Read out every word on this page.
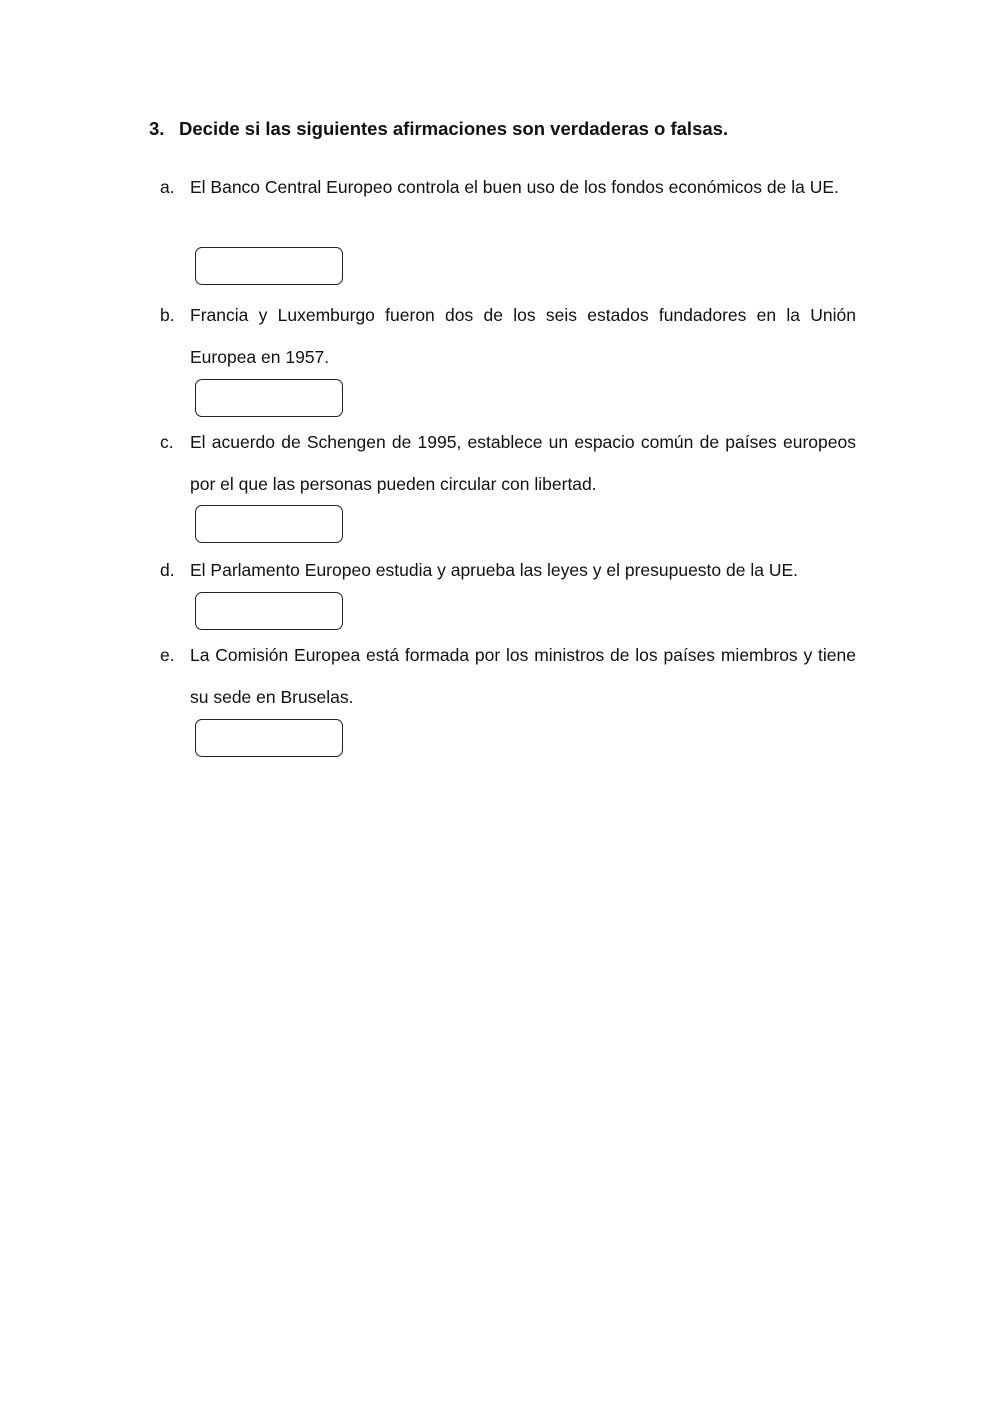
3. Decide si las siguientes afirmaciones son verdaderas o falsas.
a. El Banco Central Europeo controla el buen uso de los fondos económicos de la UE.
b. Francia y Luxemburgo fueron dos de los seis estados fundadores en la Unión Europea en 1957.
c. El acuerdo de Schengen de 1995, establece un espacio común de países europeos por el que las personas pueden circular con libertad.
d. El Parlamento Europeo estudia y aprueba las leyes y el presupuesto de la UE.
e. La Comisión Europea está formada por los ministros de los países miembros y tiene su sede en Bruselas.
